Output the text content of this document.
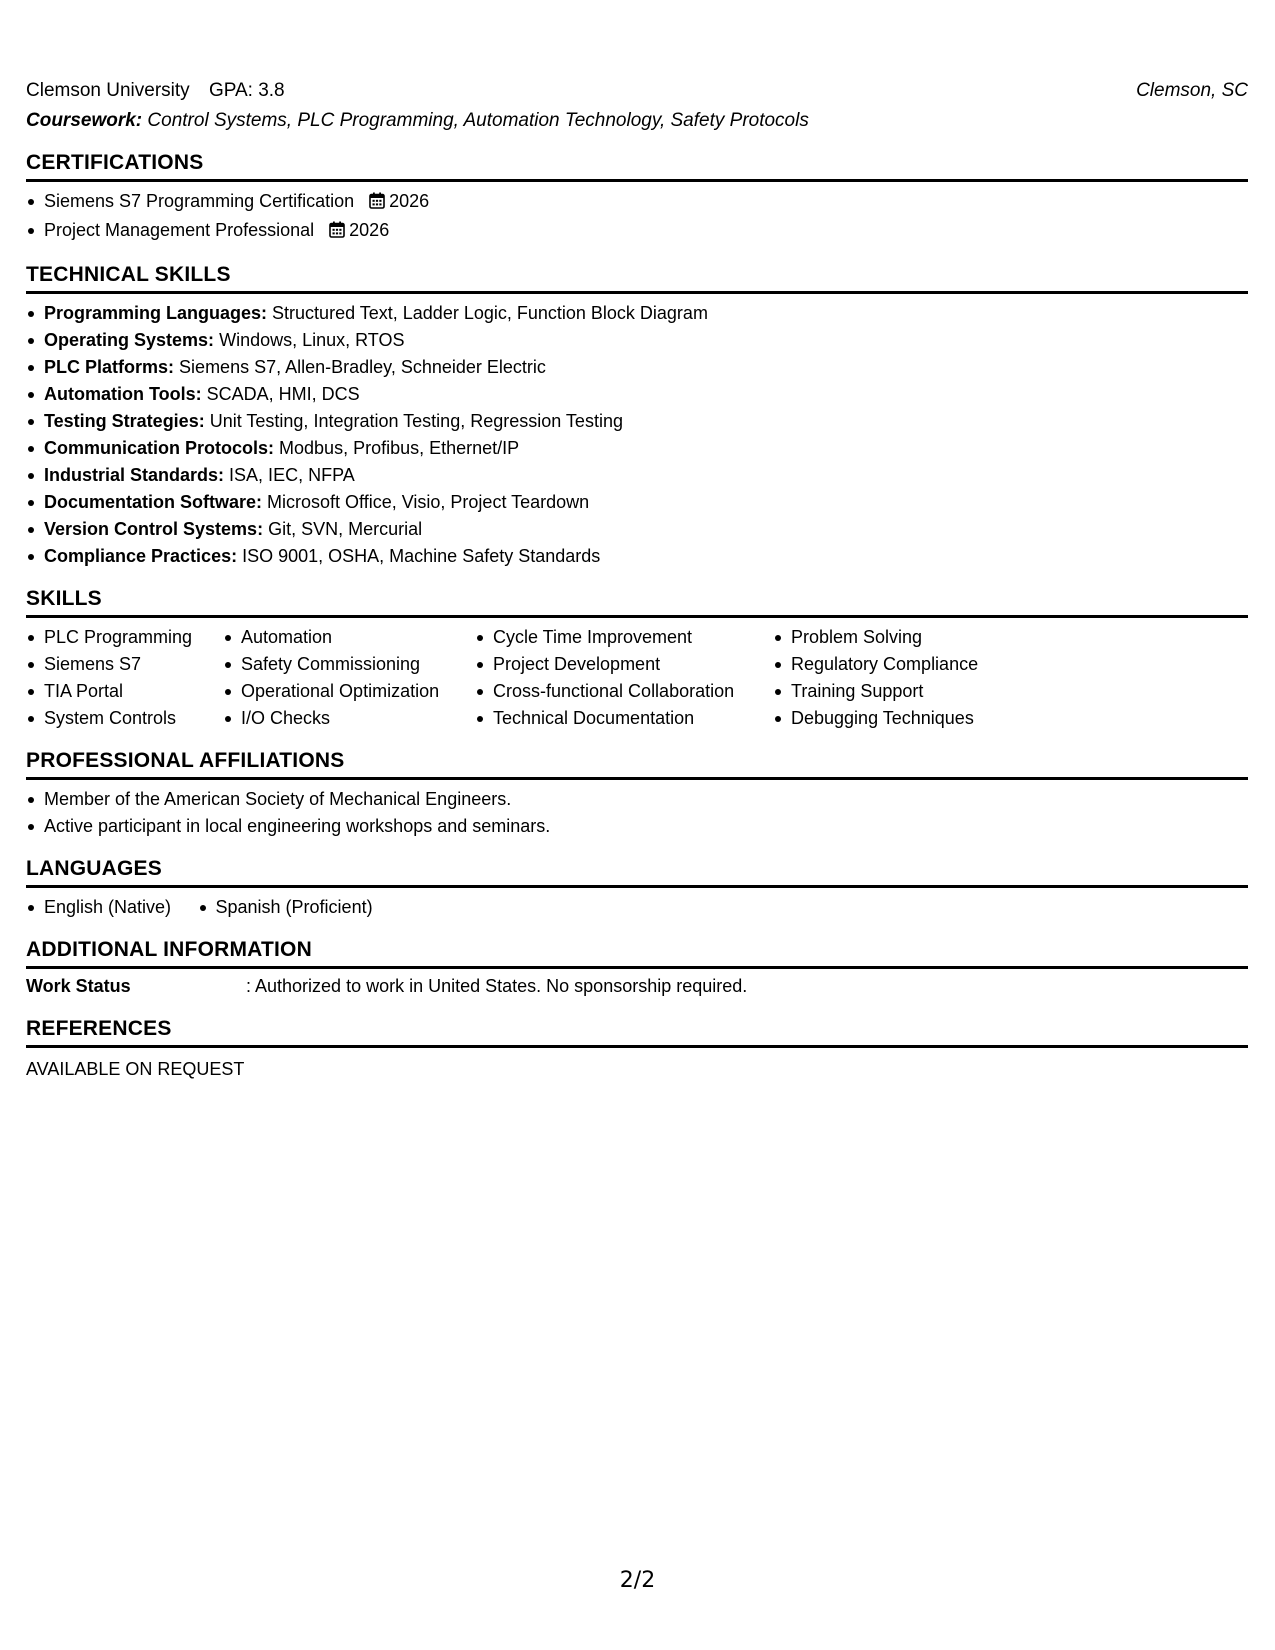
Clemson University GPA: 3.8	Clemson, SC
Coursework: Control Systems, PLC Programming, Automation Technology, Safety Protocols
CERTIFICATIONS
Siemens S7 Programming Certification 2026
Project Management Professional 2026
TECHNICAL SKILLS
Programming Languages: Structured Text, Ladder Logic, Function Block Diagram
Operating Systems: Windows, Linux, RTOS
PLC Platforms: Siemens S7, Allen-Bradley, Schneider Electric
Automation Tools: SCADA, HMI, DCS
Testing Strategies: Unit Testing, Integration Testing, Regression Testing
Communication Protocols: Modbus, Profibus, Ethernet/IP
Industrial Standards: ISA, IEC, NFPA
Documentation Software: Microsoft Office, Visio, Project Teardown
Version Control Systems: Git, SVN, Mercurial
Compliance Practices: ISO 9001, OSHA, Machine Safety Standards
SKILLS
PLC Programming
Siemens S7
TIA Portal
System Controls
Automation
Safety Commissioning
Operational Optimization
I/O Checks
Cycle Time Improvement
Project Development
Cross-functional Collaboration
Technical Documentation
Problem Solving
Regulatory Compliance
Training Support
Debugging Techniques
PROFESSIONAL AFFILIATIONS
Member of the American Society of Mechanical Engineers.
Active participant in local engineering workshops and seminars.
LANGUAGES
English (Native) Spanish (Proficient)
ADDITIONAL INFORMATION
Work Status	: Authorized to work in United States. No sponsorship required.
REFERENCES
AVAILABLE ON REQUEST
2/2
